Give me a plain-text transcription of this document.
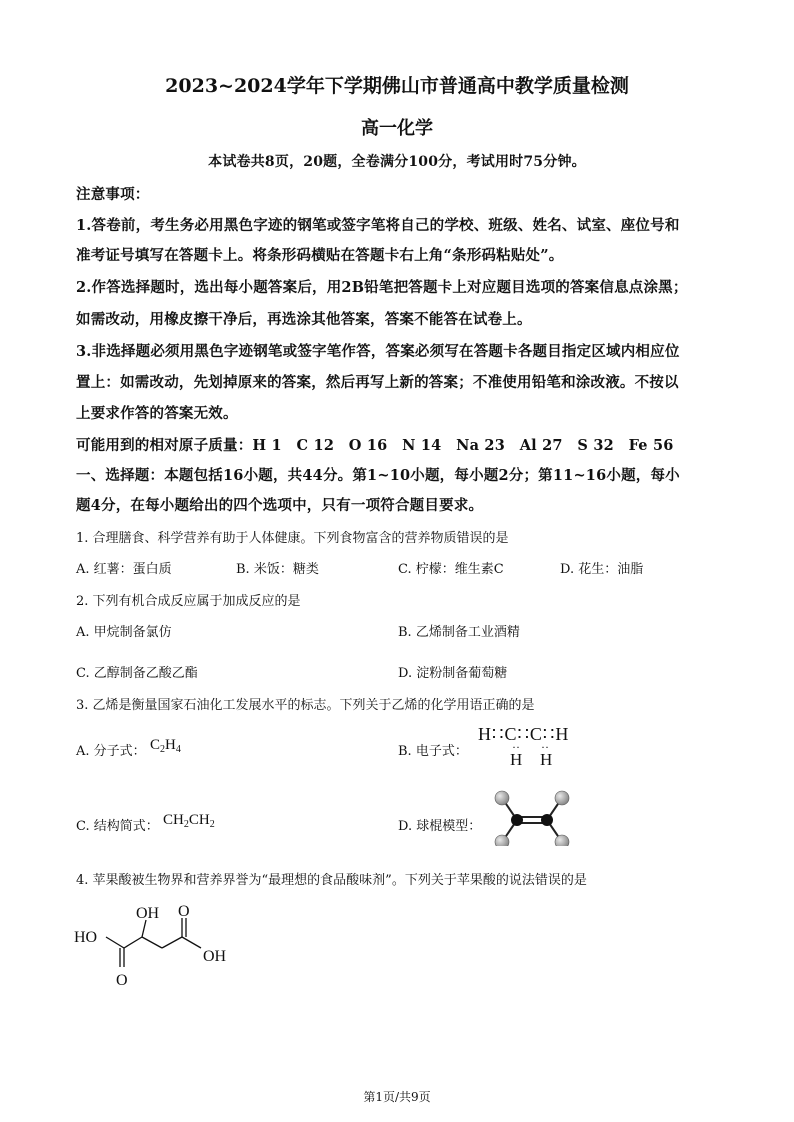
2023~2024学年下学期佛山市普通高中教学质量检测
高一化学
本试卷共8页，20题，全卷满分100分，考试用时75分钟。
注意事项：
1.答卷前，考生务必用黑色字迹的钢笔或签字笔将自己的学校、班级、姓名、试室、座位号和
准考证号填写在答题卡上。将条形码横贴在答题卡右上角“条形码粘贴处”。
2.作答选择题时，选出每小题答案后，用2B铅笔把答题卡上对应题目选项的答案信息点涂黑；
如需改动，用橡皮擦干净后，再选涂其他答案，答案不能答在试卷上。
3.非选择题必须用黑色字迹钢笔或签字笔作答，答案必须写在答题卡各题目指定区域内相应位
置上：如需改动，先划掉原来的答案，然后再写上新的答案；不准使用铅笔和涂改液。不按以
上要求作答的答案无效。
可能用到的相对原子质量：H 1　C 12　O 16　N 14　Na 23　Al 27　S 32　Fe 56
一、选择题：本题包括16小题，共44分。第1~10小题，每小题2分；第11~16小题，每小
题4分，在每小题给出的四个选项中，只有一项符合题目要求。
1. 合理膳食、科学营养有助于人体健康。下列食物富含的营养物质错误的是
A. 红薯：蛋白质	B. 米饭：糖类	C. 柠檬：维生素C	D. 花生：油脂
2. 下列有机合成反应属于加成反应的是
A. 甲烷制备氯仿	B. 乙烯制备工业酒精
C. 乙醇制备乙酸乙酯	D. 淀粉制备葡萄糖
3. 乙烯是衡量国家石油化工发展水平的标志。下列关于乙烯的化学用语正确的是
A. 分子式： $C_2H_4$	B. 电子式：
H∷C∷C∷H
·· ··
H H
C. 结构简式： $CH_2CH_2$	D. 球棍模型：
4. 苹果酸被生物界和营养界誉为“最理想的食品酸味剂”。下列关于苹果酸的说法错误的是
OH O
HO
OH
O
第1页/共9页
